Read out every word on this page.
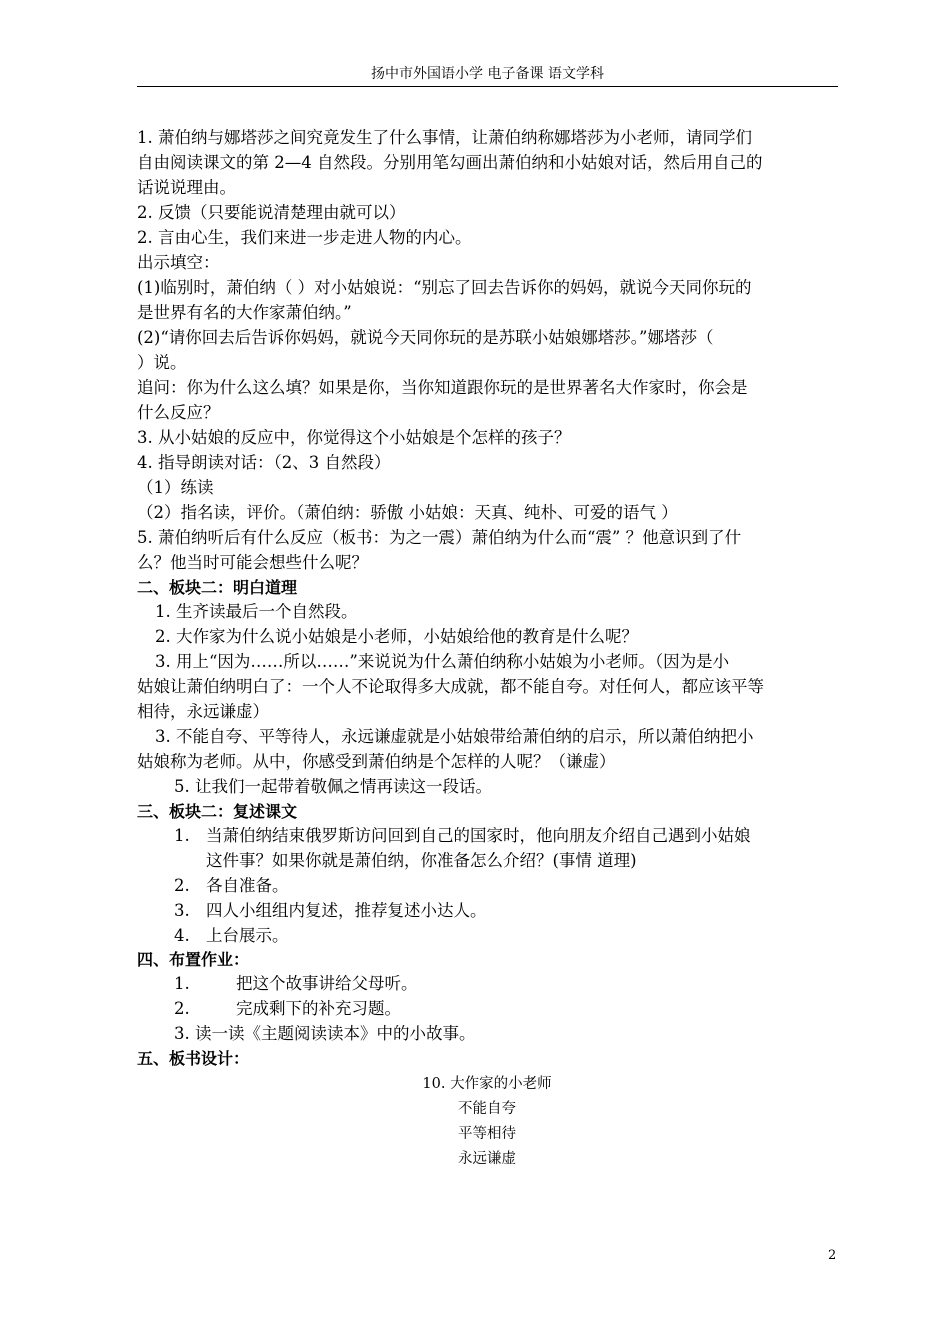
扬中市外国语小学 电子备课 语文学科
1. 萧伯纳与娜塔莎之间究竟发生了什么事情，让萧伯纳称娜塔莎为小老师，请同学们
自由阅读课文的第 2—4 自然段。分别用笔勾画出萧伯纳和小姑娘对话，然后用自己的
话说说理由。
2. 反馈（只要能说清楚理由就可以）
2. 言由心生，我们来进一步走进人物的内心。
出示填空：
(1)临别时，萧伯纳（ ）对小姑娘说：“别忘了回去告诉你的妈妈，就说今天同你玩的
是世界有名的大作家萧伯纳。”
(2)“请你回去后告诉你妈妈，就说今天同你玩的是苏联小姑娘娜塔莎。”娜塔莎（
）说。
追问：你为什么这么填？如果是你，当你知道跟你玩的是世界著名大作家时，你会是
什么反应？
3. 从小姑娘的反应中，你觉得这个小姑娘是个怎样的孩子？
4. 指导朗读对话：（2、3 自然段）
（1）练读
（2）指名读，评价。（萧伯纳：骄傲 小姑娘：天真、纯朴、可爱的语气 ）
5. 萧伯纳听后有什么反应（板书：为之一震）萧伯纳为什么而“震” ？他意识到了什
么？他当时可能会想些什么呢？
二、板块二：明白道理
1. 生齐读最后一个自然段。
2. 大作家为什么说小姑娘是小老师，小姑娘给他的教育是什么呢？
3. 用上“因为……所以……”来说说为什么萧伯纳称小姑娘为小老师。（因为是小
姑娘让萧伯纳明白了：一个人不论取得多大成就，都不能自夸。对任何人，都应该平等
相待，永远谦虚）
3. 不能自夸、平等待人，永远谦虚就是小姑娘带给萧伯纳的启示，所以萧伯纳把小
姑娘称为老师。从中，你感受到萧伯纳是个怎样的人呢？（谦虚）
5. 让我们一起带着敬佩之情再读这一段话。
三、板块二：复述课文
1. 当萧伯纳结束俄罗斯访问回到自己的国家时，他向朋友介绍自己遇到小姑娘
这件事？如果你就是萧伯纳，你准备怎么介绍？(事情 道理)
2. 各自准备。
3. 四人小组组内复述，推荐复述小达人。
4. 上台展示。
四、布置作业：
1.	把这个故事讲给父母听。
2.	完成剩下的补充习题。
3. 读一读《主题阅读读本》中的小故事。
五、板书设计：
10. 大作家的小老师
不能自夸
平等相待
永远谦虚
2
